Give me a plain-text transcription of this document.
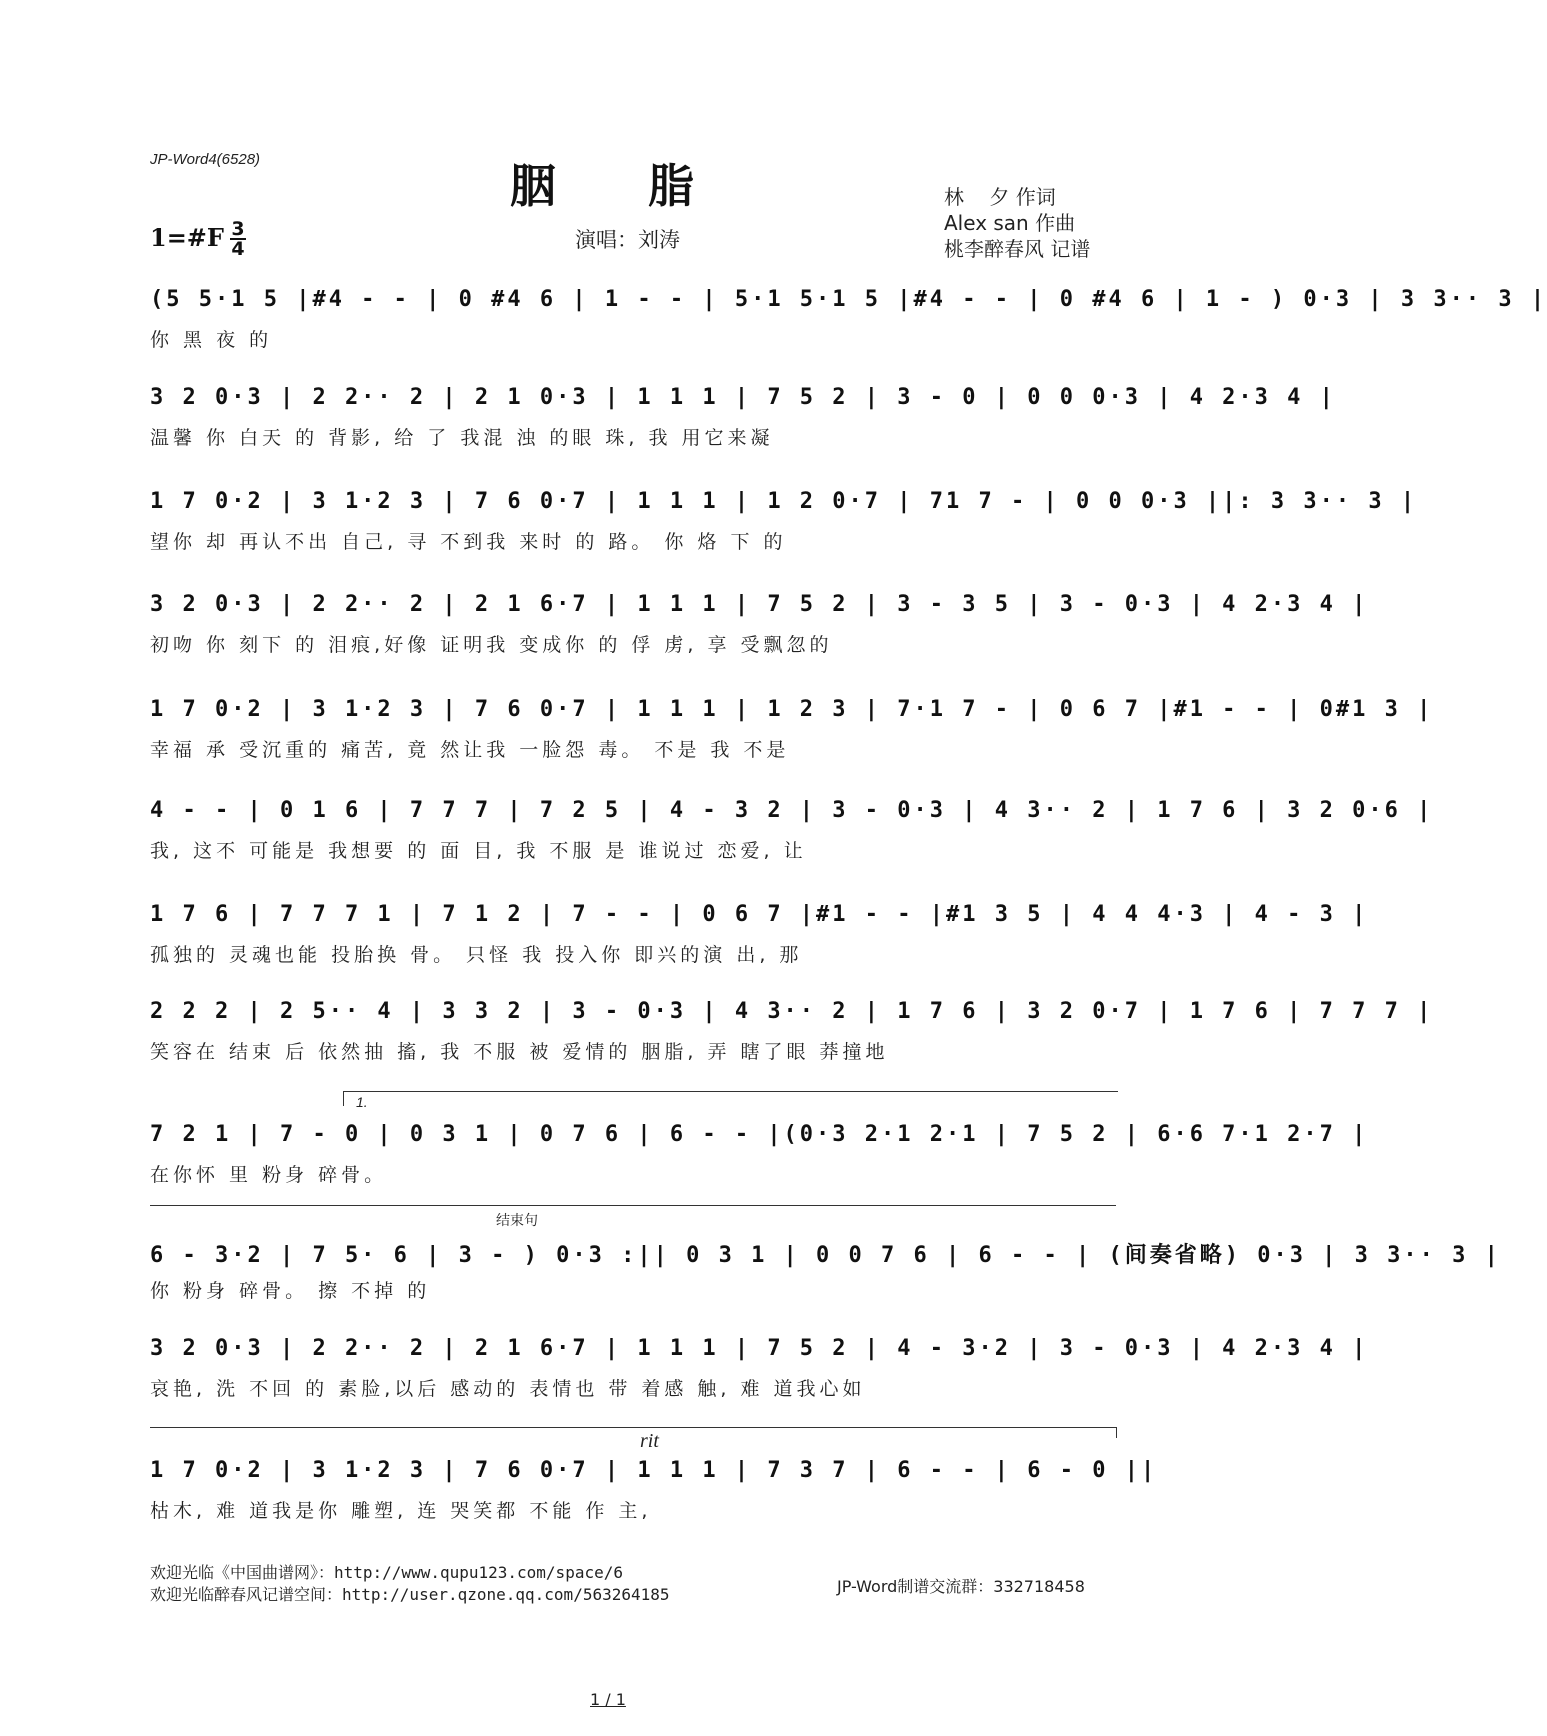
JP-Word4(6528)	胭脂	林    夕 作词
Alex san 作曲
桃李醉春风 记谱
1=#F 3
4	演唱：刘涛
(5 5·1 5 |#4 - - | 0 #4 6 | 1 - - | 5·1 5·1 5 |#4 - - | 0 #4 6 | 1 - ) 0·3 | 3 3·· 3 |
你 黑 夜 的
3 2 0·3 | 2 2·· 2 | 2 1 0·3 | 1 1 1 | 7 5 2 | 3 - 0 | 0 0 0·3 | 4 2·3 4 |
温馨 你 白天 的 背影, 给 了 我混 浊 的眼 珠, 我 用它来凝
1 7 0·2 | 3 1·2 3 | 7 6 0·7 | 1 1 1 | 1 2 0·7 | 71 7 - | 0 0 0·3 ||: 3 3·· 3 |
望你 却 再认不出 自己, 寻 不到我 来时 的 路。 你 烙 下 的
3 2 0·3 | 2 2·· 2 | 2 1 6·7 | 1 1 1 | 7 5 2 | 3 - 3 5 | 3 - 0·3 | 4 2·3 4 |
初吻 你 刻下 的 泪痕,好像 证明我 变成你 的 俘 虏, 享 受飘忽的
1 7 0·2 | 3 1·2 3 | 7 6 0·7 | 1 1 1 | 1 2 3 | 7·1 7 - | 0 6 7 |#1 - - | 0#1 3 |
幸福 承 受沉重的 痛苦, 竟 然让我 一脸怨 毒。 不是 我 不是
4 - - | 0 1 6 | 7 7 7 | 7 2 5 | 4 - 3 2 | 3 - 0·3 | 4 3·· 2 | 1 7 6 | 3 2 0·6 |
我, 这不 可能是 我想要 的 面 目, 我 不服 是 谁说过 恋爱, 让
1 7 6 | 7 7 7 1 | 7 1 2 | 7 - - | 0 6 7 |#1 - - |#1 3 5 | 4 4 4·3 | 4 - 3 |
孤独的 灵魂也能 投胎换 骨。 只怪 我 投入你 即兴的演 出, 那
2 2 2 | 2 5·· 4 | 3 3 2 | 3 - 0·3 | 4 3·· 2 | 1 7 6 | 3 2 0·7 | 1 7 6 | 7 7 7 |
笑容在 结束 后 依然抽 搐, 我 不服 被 爱情的 胭脂, 弄 瞎了眼 莽撞地
1.
7 2 1 | 7 - 0 | 0 3 1 | 0 7 6 | 6 - - |(0·3 2·1 2·1 | 7 5 2 | 6·6 7·1 2·7 |
在你怀 里 粉身 碎骨。
结束句
6 - 3·2 | 7 5· 6 | 3 - ) 0·3 :|| 0 3 1 | 0 0 7 6 | 6 - - | (间奏省略) 0·3 | 3 3·· 3 |
你 粉身 碎骨。 擦 不掉 的
3 2 0·3 | 2 2·· 2 | 2 1 6·7 | 1 1 1 | 7 5 2 | 4 - 3·2 | 3 - 0·3 | 4 2·3 4 |
哀艳, 洗 不回 的 素脸,以后 感动的 表情也 带 着感 触, 难 道我心如
rit
1 7 0·2 | 3 1·2 3 | 7 6 0·7 | 1 1 1 | 7 3 7 | 6 - - | 6 - 0 ||
枯木, 难 道我是你 雕塑, 连 哭笑都 不能 作 主,
欢迎光临《中国曲谱网》：http://www.qupu123.com/space/6
欢迎光临醉春风记谱空间：http://user.qzone.qq.com/563264185	JP-Word制谱交流群：332718458
1 / 1
